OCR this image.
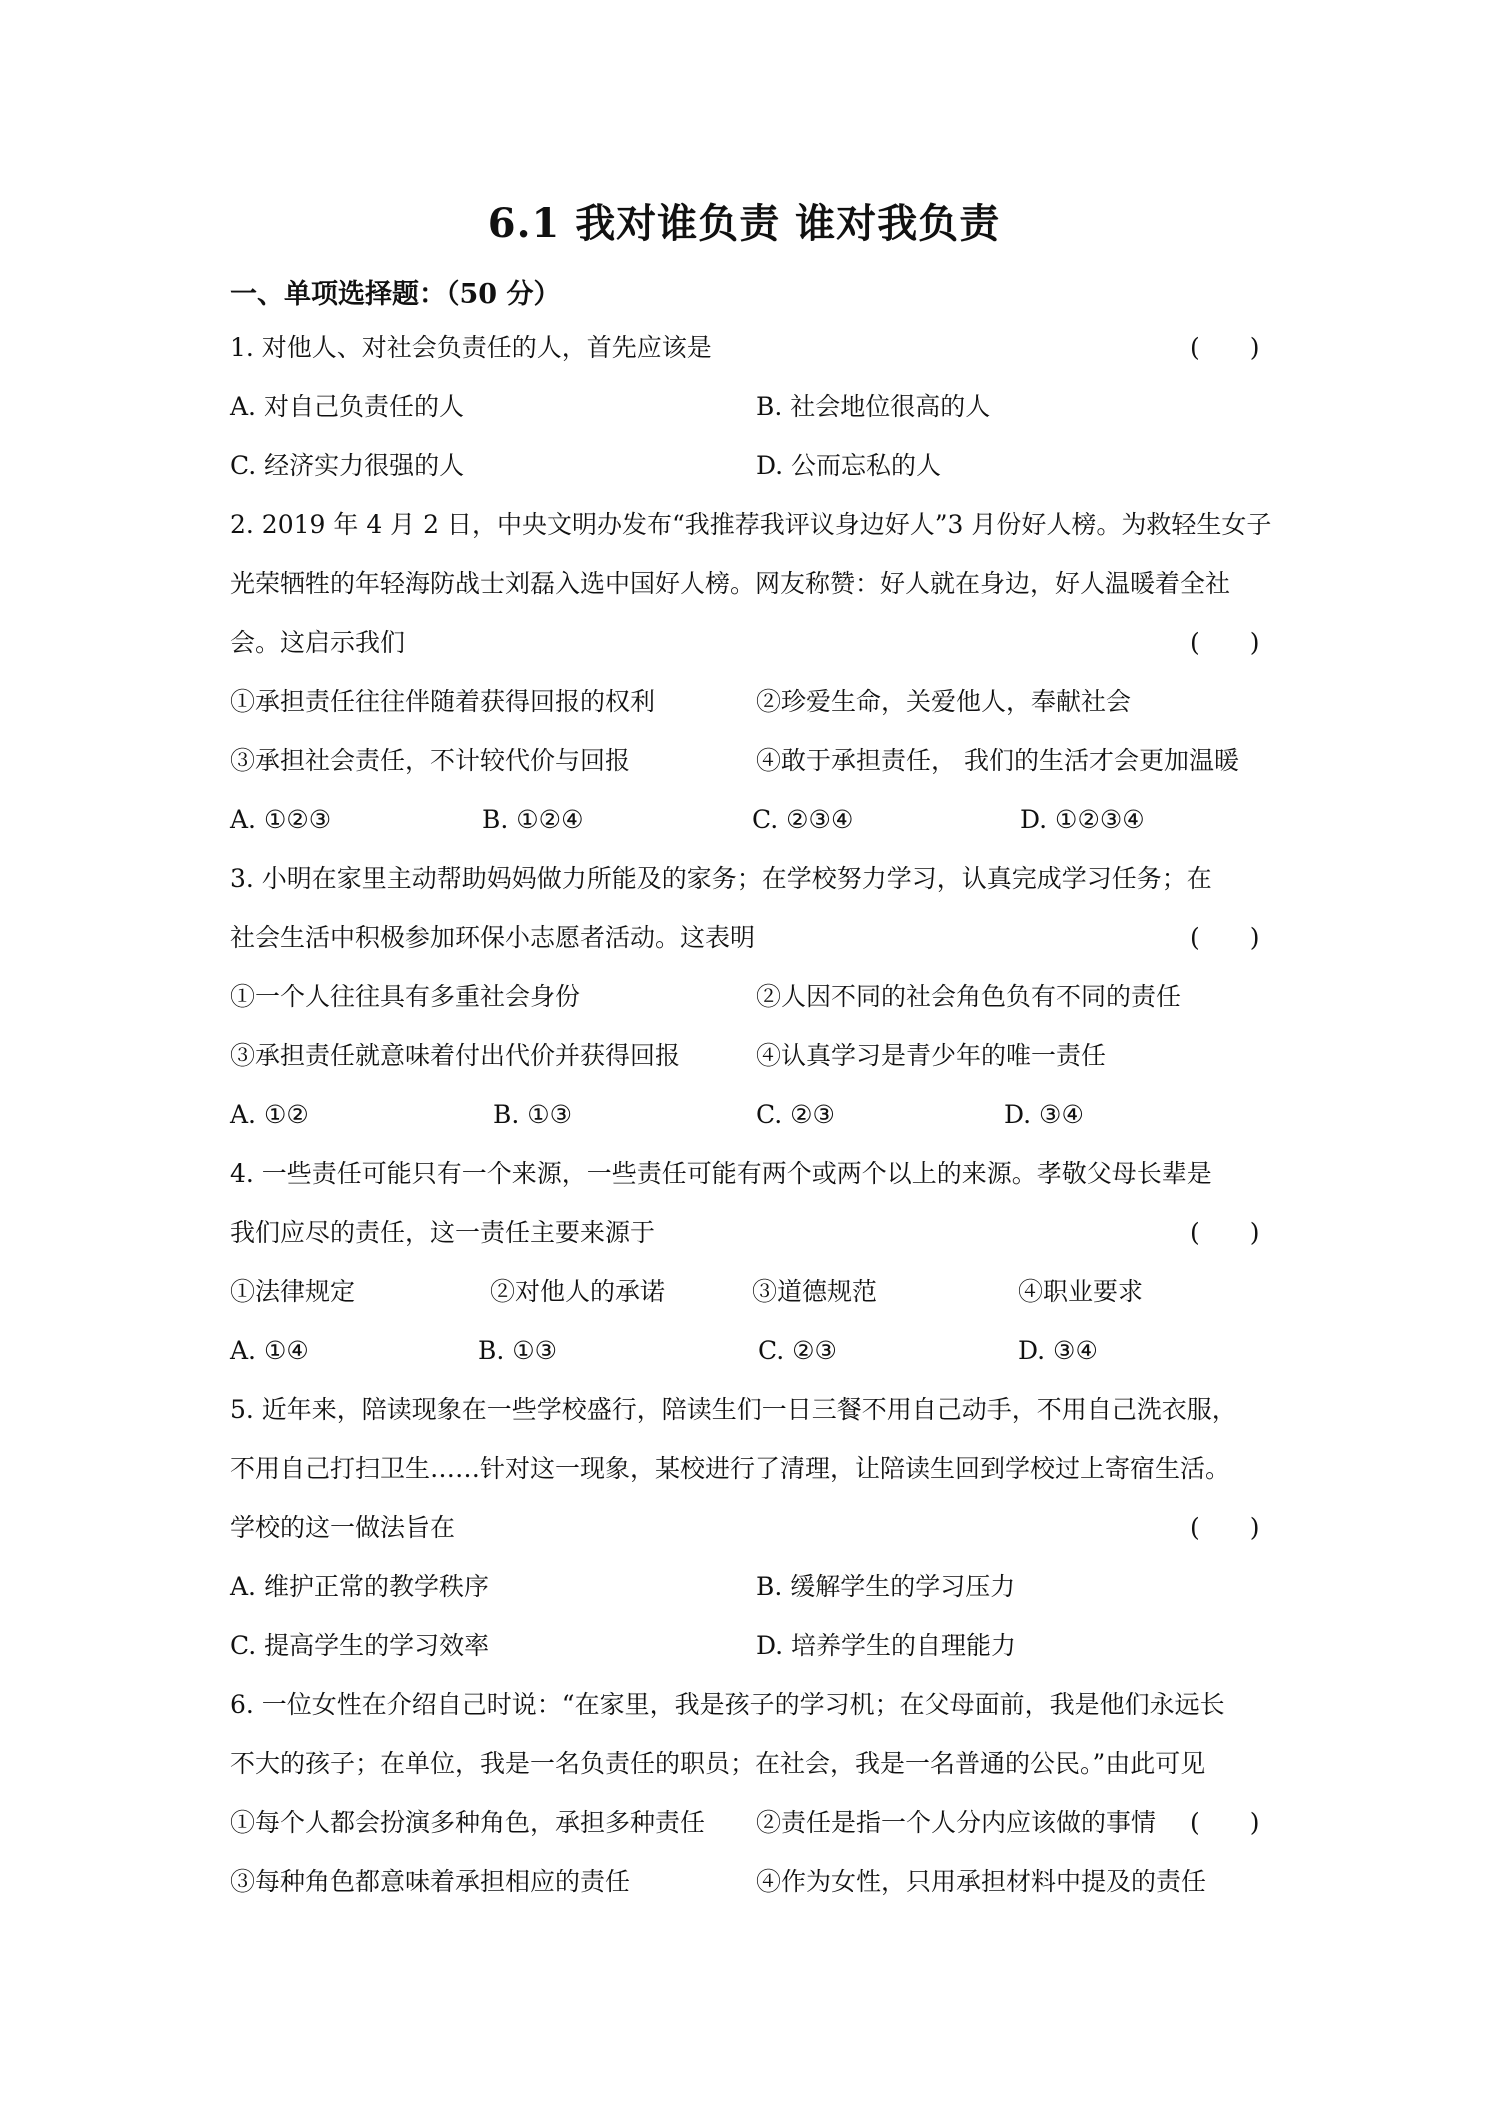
6.1 我对谁负责 谁对我负责
一、单项选择题：（50 分）
1. 对他人、对社会负责任的人，首先应该是	(　　)
A. 对自己负责任的人	B. 社会地位很高的人
C. 经济实力很强的人	D. 公而忘私的人
2. 2019 年 4 月 2 日，中央文明办发布“我推荐我评议身边好人”3 月份好人榜。为救轻生女子
光荣牺牲的年轻海防战士刘磊入选中国好人榜。网友称赞：好人就在身边，好人温暖着全社
会。这启示我们	(　　)
①承担责任往往伴随着获得回报的权利	②珍爱生命，关爱他人，奉献社会
③承担社会责任，不计较代价与回报	④敢于承担责任， 我们的生活才会更加温暖
A. ①②③	B. ①②④	C. ②③④	D. ①②③④
3. 小明在家里主动帮助妈妈做力所能及的家务；在学校努力学习，认真完成学习任务；在
社会生活中积极参加环保小志愿者活动。这表明	(　　)
①一个人往往具有多重社会身份	②人因不同的社会角色负有不同的责任
③承担责任就意味着付出代价并获得回报	④认真学习是青少年的唯一责任
A. ①②	B. ①③	C. ②③	D. ③④
4. 一些责任可能只有一个来源，一些责任可能有两个或两个以上的来源。孝敬父母长辈是
我们应尽的责任，这一责任主要来源于	(　　)
①法律规定	②对他人的承诺	③道德规范	④职业要求
A. ①④	B. ①③	C. ②③	D. ③④
5. 近年来，陪读现象在一些学校盛行，陪读生们一日三餐不用自己动手，不用自己洗衣服，
不用自己打扫卫生……针对这一现象，某校进行了清理，让陪读生回到学校过上寄宿生活。
学校的这一做法旨在	(　　)
A. 维护正常的教学秩序	B. 缓解学生的学习压力
C. 提高学生的学习效率	D. 培养学生的自理能力
6. 一位女性在介绍自己时说：“在家里，我是孩子的学习机；在父母面前，我是他们永远长
不大的孩子；在单位，我是一名负责任的职员；在社会，我是一名普通的公民。”由此可见
①每个人都会扮演多种角色，承担多种责任 ②责任是指一个人分内应该做的事情 (　　)
③每种角色都意味着承担相应的责任	④作为女性，只用承担材料中提及的责任
